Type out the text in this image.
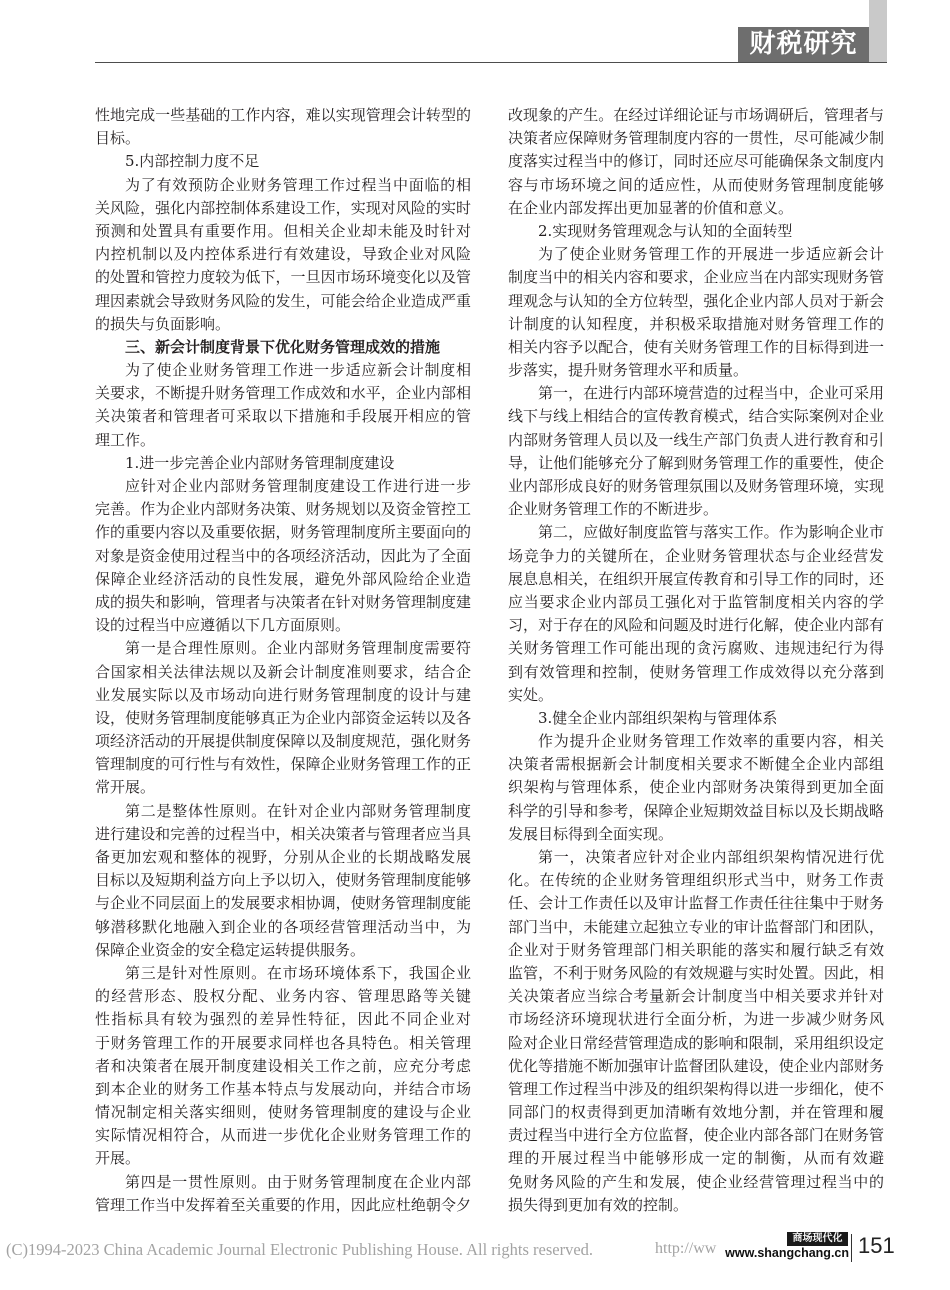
财税研究
性地完成一些基础的工作内容，难以实现管理会计转型的
目标。
5.内部控制力度不足
为了有效预防企业财务管理工作过程当中面临的相
关风险，强化内部控制体系建设工作，实现对风险的实时
预测和处置具有重要作用。但相关企业却未能及时针对
内控机制以及内控体系进行有效建设，导致企业对风险
的处置和管控力度较为低下，一旦因市场环境变化以及管
理因素就会导致财务风险的发生，可能会给企业造成严重
的损失与负面影响。
三、新会计制度背景下优化财务管理成效的措施
为了使企业财务管理工作进一步适应新会计制度相
关要求，不断提升财务管理工作成效和水平，企业内部相
关决策者和管理者可采取以下措施和手段展开相应的管
理工作。
1.进一步完善企业内部财务管理制度建设
应针对企业内部财务管理制度建设工作进行进一步
完善。作为企业内部财务决策、财务规划以及资金管控工
作的重要内容以及重要依据，财务管理制度所主要面向的
对象是资金使用过程当中的各项经济活动，因此为了全面
保障企业经济活动的良性发展，避免外部风险给企业造
成的损失和影响，管理者与决策者在针对财务管理制度建
设的过程当中应遵循以下几方面原则。
第一是合理性原则。企业内部财务管理制度需要符
合国家相关法律法规以及新会计制度准则要求，结合企
业发展实际以及市场动向进行财务管理制度的设计与建
设，使财务管理制度能够真正为企业内部资金运转以及各
项经济活动的开展提供制度保障以及制度规范，强化财务
管理制度的可行性与有效性，保障企业财务管理工作的正
常开展。
第二是整体性原则。在针对企业内部财务管理制度
进行建设和完善的过程当中，相关决策者与管理者应当具
备更加宏观和整体的视野，分别从企业的长期战略发展
目标以及短期利益方向上予以切入，使财务管理制度能够
与企业不同层面上的发展要求相协调，使财务管理制度能
够潜移默化地融入到企业的各项经营管理活动当中，为
保障企业资金的安全稳定运转提供服务。
第三是针对性原则。在市场环境体系下，我国企业
的经营形态、股权分配、业务内容、管理思路等关键
性指标具有较为强烈的差异性特征，因此不同企业对
于财务管理工作的开展要求同样也各具特色。相关管理
者和决策者在展开制度建设相关工作之前，应充分考虑
到本企业的财务工作基本特点与发展动向，并结合市场
情况制定相关落实细则，使财务管理制度的建设与企业
实际情况相符合，从而进一步优化企业财务管理工作的
开展。
第四是一贯性原则。由于财务管理制度在企业内部
管理工作当中发挥着至关重要的作用，因此应杜绝朝令夕
改现象的产生。在经过详细论证与市场调研后，管理者与
决策者应保障财务管理制度内容的一贯性，尽可能减少制
度落实过程当中的修订，同时还应尽可能确保条文制度内
容与市场环境之间的适应性，从而使财务管理制度能够
在企业内部发挥出更加显著的价值和意义。
2.实现财务管理观念与认知的全面转型
为了使企业财务管理工作的开展进一步适应新会计
制度当中的相关内容和要求，企业应当在内部实现财务管
理观念与认知的全方位转型，强化企业内部人员对于新会
计制度的认知程度，并积极采取措施对财务管理工作的
相关内容予以配合，使有关财务管理工作的目标得到进一
步落实，提升财务管理水平和质量。
第一，在进行内部环境营造的过程当中，企业可采用
线下与线上相结合的宣传教育模式，结合实际案例对企业
内部财务管理人员以及一线生产部门负责人进行教育和引
导，让他们能够充分了解到财务管理工作的重要性，使企
业内部形成良好的财务管理氛围以及财务管理环境，实现
企业财务管理工作的不断进步。
第二，应做好制度监管与落实工作。作为影响企业市
场竞争力的关键所在，企业财务管理状态与企业经营发
展息息相关，在组织开展宣传教育和引导工作的同时，还
应当要求企业内部员工强化对于监管制度相关内容的学
习，对于存在的风险和问题及时进行化解，使企业内部有
关财务管理工作可能出现的贪污腐败、违规违纪行为得
到有效管理和控制，使财务管理工作成效得以充分落到
实处。
3.健全企业内部组织架构与管理体系
作为提升企业财务管理工作效率的重要内容，相关
决策者需根据新会计制度相关要求不断健全企业内部组
织架构与管理体系，使企业内部财务决策得到更加全面
科学的引导和参考，保障企业短期效益目标以及长期战略
发展目标得到全面实现。
第一，决策者应针对企业内部组织架构情况进行优
化。在传统的企业财务管理组织形式当中，财务工作责
任、会计工作责任以及审计监督工作责任往往集中于财务
部门当中，未能建立起独立专业的审计监督部门和团队，
企业对于财务管理部门相关职能的落实和履行缺乏有效
监管，不利于财务风险的有效规避与实时处置。因此，相
关决策者应当综合考量新会计制度当中相关要求并针对
市场经济环境现状进行全面分析，为进一步减少财务风
险对企业日常经营管理造成的影响和限制，采用组织设定
优化等措施不断加强审计监督团队建设，使企业内部财务
管理工作过程当中涉及的组织架构得以进一步细化，使不
同部门的权责得到更加清晰有效地分割，并在管理和履
责过程当中进行全方位监督，使企业内部各部门在财务管
理的开展过程当中能够形成一定的制衡，从而有效避
免财务风险的产生和发展，使企业经营管理过程当中的
损失得到更加有效的控制。
(C)1994-2023 China Academic Journal Electronic Publishing House. All rights reserved.	http://ww
商场现代化
www.shangchang.cn 151
